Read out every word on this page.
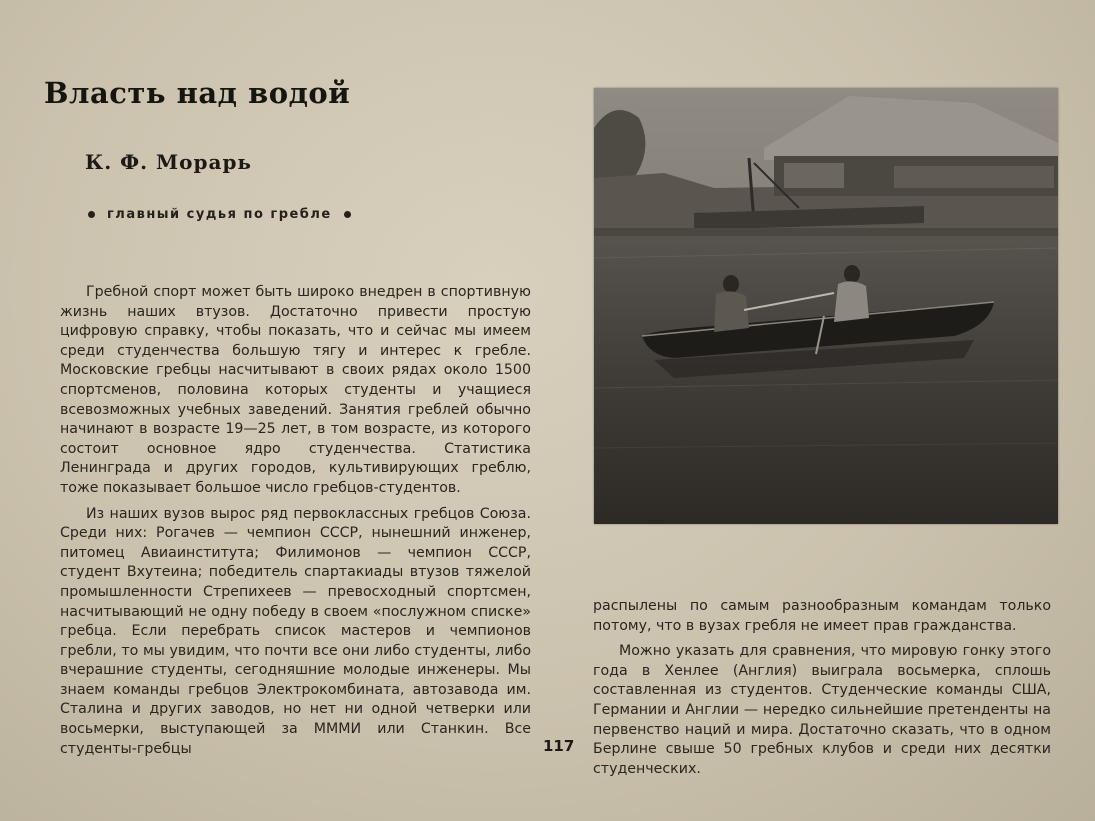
Власть над водой
К. Ф. Морарь
главный судья по гребле

Гребной спорт может быть широко внедрен в спортивную жизнь наших втузов. Достаточно привести простую цифровую справку, чтобы показать, что и сейчас мы имеем среди студенчества большую тягу и интерес к гребле. Московские гребцы насчитывают в своих рядах около 1500 спортсменов, половина которых студенты и учащиеся всевозможных учебных заведений. Занятия греблей обычно начинают в возрасте 19—25 лет, в том возрасте, из которого состоит основное ядро студенчества. Статистика Ленинграда и других городов, культивирующих греблю, тоже показывает большое число гребцов-студентов.

Из наших вузов вырос ряд первоклассных гребцов Союза. Среди них: Рогачев — чемпион СССР, нынешний инженер, питомец Авиаинститута; Филимонов — чемпион СССР, студент Вхутеина; победитель спартакиады втузов тяжелой промышленности Стрепихеев — превосходный спортсмен, насчитывающий не одну победу в своем «послужном списке» гребца. Если перебрать список мастеров и чемпионов гребли, то мы увидим, что почти все они либо студенты, либо вчерашние студенты, сегодняшние молодые инженеры. Мы знаем команды гребцов Электрокомбината, автозавода им. Сталина и других заводов, но нет ни одной четверки или восьмерки, выступающей за МММИ или Станкин. Все студенты-гребцы	117

распылены по самым разнообразным командам только потому, что в вузах гребля не имеет прав гражданства.

Можно указать для сравнения, что мировую гонку этого года в Хенлее (Англия) выиграла восьмерка, сплошь составленная из студентов. Студенческие команды США, Германии и Англии — нередко сильнейшие претенденты на первенство наций и мира. Достаточно сказать, что в одном Берлине свыше 50 гребных клубов и среди них десятки студенческих.
